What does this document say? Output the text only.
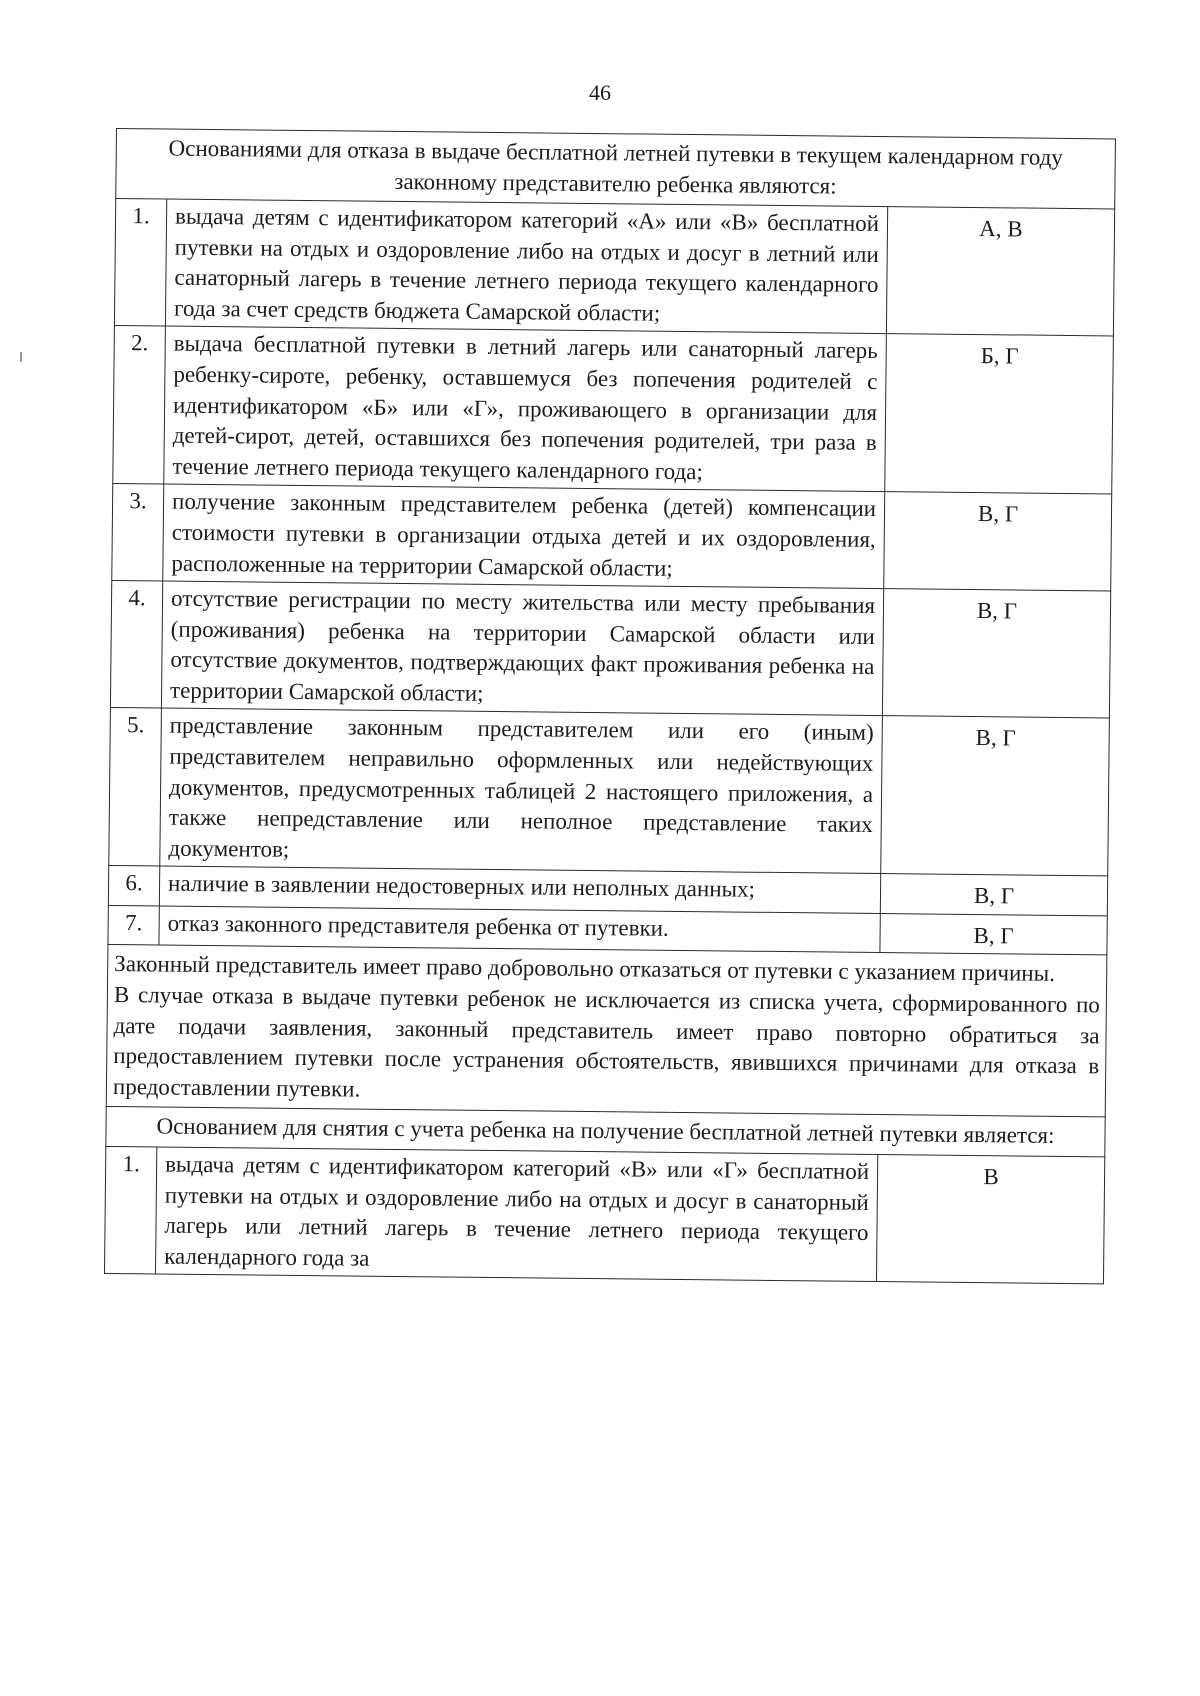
46
Основаниями для отказа в выдаче бесплатной летней путевки в текущем календарном году законному представителю ребенка являются:		
1.	выдача детям с идентификатором категорий «А» или «В» бесплатной путевки на отдых и оздоровление либо на отдых и досуг в летний или санаторный лагерь в течение летнего периода текущего календарного года за счет средств бюджета Самарской области;	А, В
2.	выдача бесплатной путевки в летний лагерь или санаторный лагерь ребенку-сироте, ребенку, оставшемуся без попечения родителей с идентификатором «Б» или «Г», проживающего в организации для детей-сирот, детей, оставшихся без попечения родителей, три раза в течение летнего периода текущего календарного года;	Б, Г
3.	получение законным представителем ребенка (детей) компенсации стоимости путевки в организации отдыха детей и их оздоровления, расположенные на территории Самарской области;	В, Г
4.	отсутствие регистрации по месту жительства или месту пребывания (проживания) ребенка на территории Самарской области или отсутствие документов, подтверждающих факт проживания ребенка на территории Самарской области;	В, Г
5.	представление законным представителем или его (иным) представителем неправильно оформленных или недействующих документов, предусмотренных таблицей 2 настоящего приложения, а также непредставление или неполное представление таких документов;	В, Г
6.	наличие в заявлении недостоверных или неполных данных;	В, Г
7.	отказ законного представителя ребенка от путевки.	В, Г

Законный представитель имеет право добровольно отказаться от путевки с указанием причины.

В случае отказа в выдаче путевки ребенок не исключается из списка учета, сформированного по дате подачи заявления, законный представитель имеет право повторно обратиться за предоставлением путевки после устранения обстоятельств, явившихся причинами для отказа в предоставлении путевки.		

Основанием для снятия с учета ребенка на получение бесплатной летней путевки является:		
1.	выдача детям с идентификатором категорий «В» или «Г» бесплатной путевки на отдых и оздоровление либо на отдых и досуг в санаторный лагерь или летний лагерь в течение летнего периода текущего календарного года за	В
